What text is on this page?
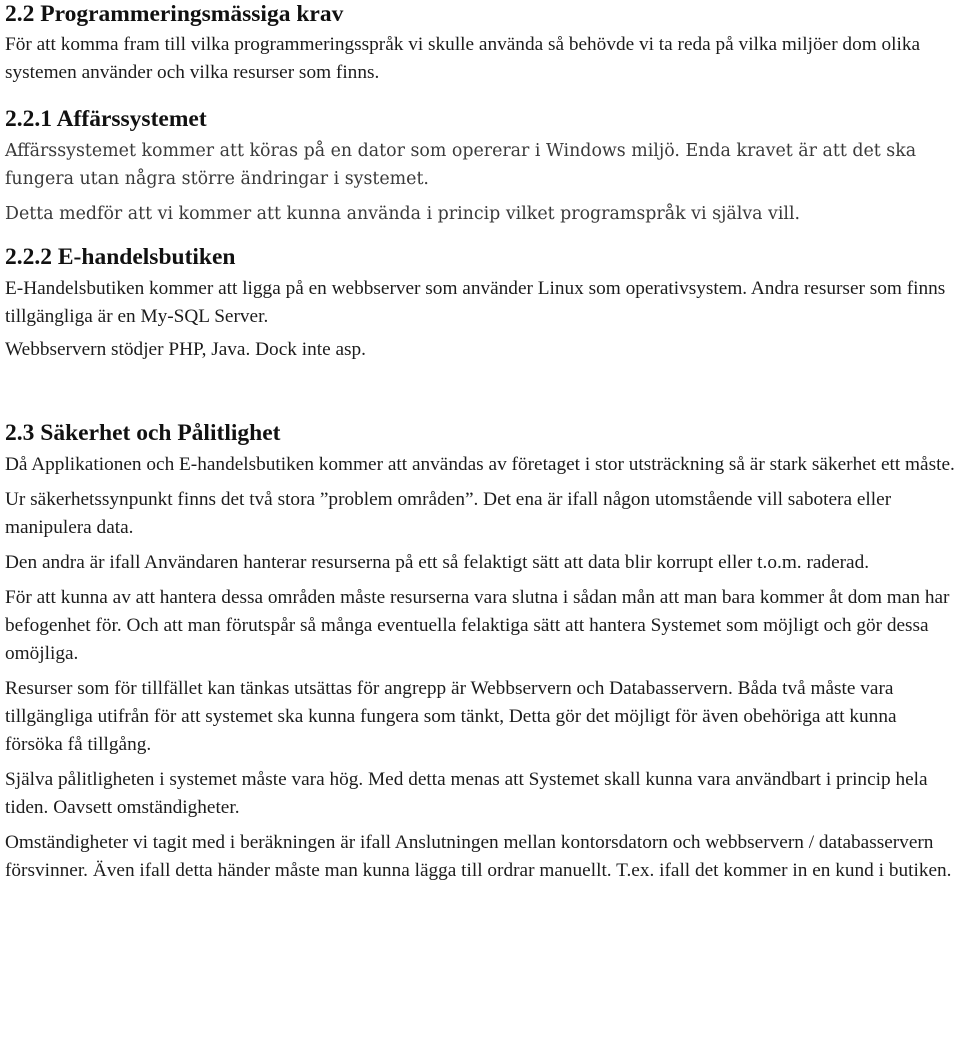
2.2 Programmeringsmässiga krav

För att komma fram till vilka programmeringsspråk vi skulle använda så behövde vi ta reda på vilka miljöer dom olika systemen använder och vilka resurser som finns.

2.2.1 Affärssystemet

Affärssystemet kommer att köras på en dator som opererar i Windows miljö. Enda kravet är att det ska fungera utan några större ändringar i systemet.

Detta medför att vi kommer att kunna använda i princip vilket programspråk vi själva vill.

2.2.2 E-handelsbutiken

E-Handelsbutiken kommer att ligga på en webbserver som använder Linux som operativsystem. Andra resurser som finns tillgängliga är en My-SQL Server.

Webbservern stödjer PHP, Java. Dock inte asp.

2.3 Säkerhet och Pålitlighet

Då Applikationen och E-handelsbutiken kommer att användas av företaget i stor utsträckning så är stark säkerhet ett måste.

Ur säkerhetssynpunkt finns det två stora ”problem områden”. Det ena är ifall någon utomstående vill sabotera eller manipulera data.

Den andra är ifall Användaren hanterar resurserna på ett så felaktigt sätt att data blir korrupt eller t.o.m. raderad.

För att kunna av att hantera dessa områden måste resurserna vara slutna i sådan mån att man bara kommer åt dom man har befogenhet för. Och att man förutspår så många eventuella felaktiga sätt att hantera Systemet som möjligt och gör dessa omöjliga.

Resurser som för tillfället kan tänkas utsättas för angrepp är Webbservern och Databasservern. Båda två måste vara tillgängliga utifrån för att systemet ska kunna fungera som tänkt, Detta gör det möjligt för även obehöriga att kunna försöka få tillgång.

Själva pålitligheten i systemet måste vara hög. Med detta menas att Systemet skall kunna vara användbart i princip hela tiden. Oavsett omständigheter.

Omständigheter vi tagit med i beräkningen är ifall Anslutningen mellan kontorsdatorn och webbservern / databasservern försvinner. Även ifall detta händer måste man kunna lägga till ordrar manuellt. T.ex. ifall det kommer in en kund i butiken.
